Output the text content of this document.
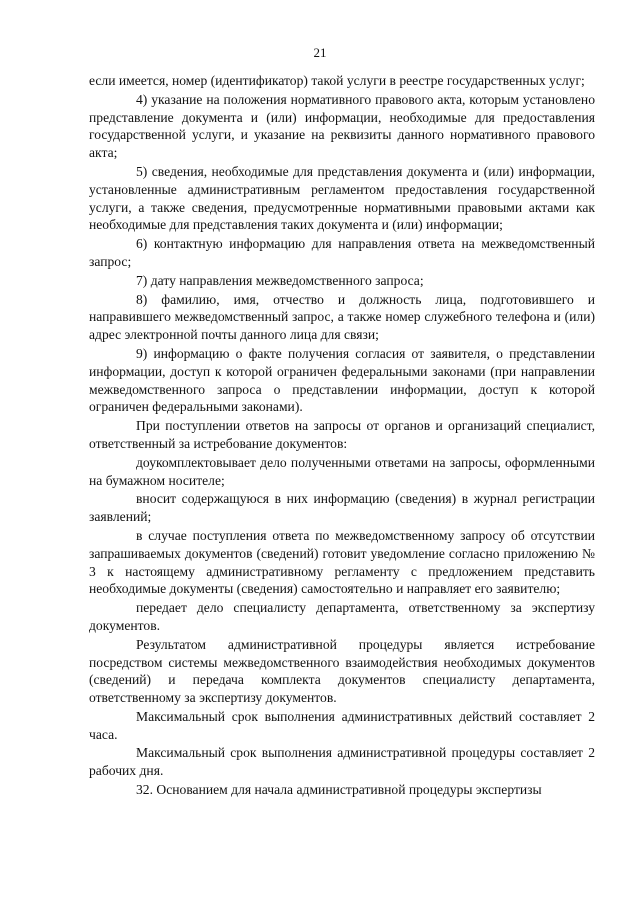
21

если имеется, номер (идентификатор) такой услуги в реестре государственных услуг;

4) указание на положения нормативного правового акта, которым установлено представление документа и (или) информации, необходимые для предоставления государственной услуги, и указание на реквизиты данного нормативного правового акта;

5) сведения, необходимые для представления документа и (или) информации, установленные административным регламентом предоставления государственной услуги, а также сведения, предусмотренные нормативными правовыми актами как необходимые для представления таких документа и (или) информации;

6) контактную информацию для направления ответа на межведомственный запрос;

7) дату направления межведомственного запроса;

8) фамилию, имя, отчество и должность лица, подготовившего и направившего межведомственный запрос, а также номер служебного телефона и (или) адрес электронной почты данного лица для связи;

9) информацию о факте получения согласия от заявителя, о представлении информации, доступ к которой ограничен федеральными законами (при направлении межведомственного запроса о представлении информации, доступ к которой ограничен федеральными законами).

При поступлении ответов на запросы от органов и организаций специалист, ответственный за истребование документов:

доукомплектовывает дело полученными ответами на запросы, оформленными на бумажном носителе;

вносит содержащуюся в них информацию (сведения) в журнал регистрации заявлений;

в случае поступления ответа по межведомственному запросу об отсутствии запрашиваемых документов (сведений) готовит уведомление согласно приложению № 3 к настоящему административному регламенту с предложением представить необходимые документы (сведения) самостоятельно и направляет его заявителю;

передает дело специалисту департамента, ответственному за экспертизу документов.

Результатом административной процедуры является истребование посредством системы межведомственного взаимодействия необходимых документов (сведений) и передача комплекта документов специалисту департамента, ответственному за экспертизу документов.

Максимальный срок выполнения административных действий составляет 2 часа.

Максимальный срок выполнения административной процедуры составляет 2 рабочих дня.

32. Основанием для начала административной процедуры экспертизы
